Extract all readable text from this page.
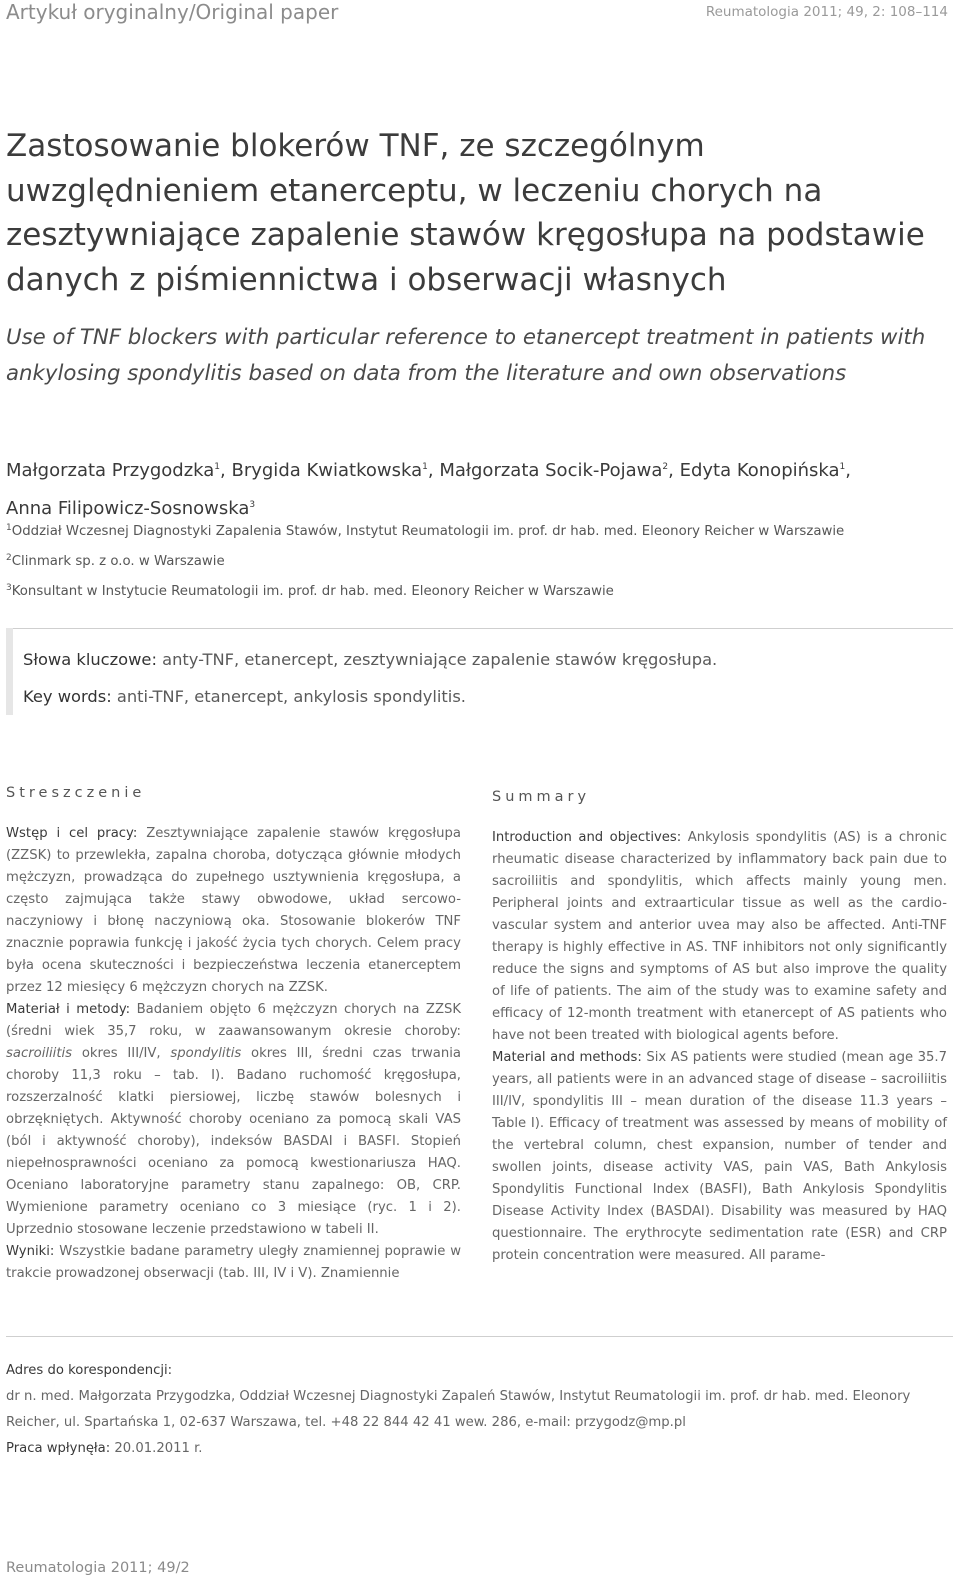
Artykuł oryginalny/Original paper	Reumatologia 2011; 49, 2: 108–114
Zastosowanie blokerów TNF, ze szczególnym uwzględnieniem etanerceptu, w leczeniu chorych na zesztywniające zapalenie stawów kręgosłupa na podstawie danych z piśmiennictwa i obserwacji własnych
Use of TNF blockers with particular reference to etanercept treatment in patients with ankylosing spondylitis based on data from the literature and own observations
Małgorzata Przygodzka$^1$, Brygida Kwiatkowska$^1$, Małgorzata Socik-Pojawa$^2$, Edyta Konopińska$^1$,
Anna Filipowicz-Sosnowska$^3$
$^1$Oddział Wczesnej Diagnostyki Zapalenia Stawów, Instytut Reumatologii im. prof. dr hab. med. Eleonory Reicher w Warszawie
$^2$Clinmark sp. z o.o. w Warszawie
$^3$Konsultant w Instytucie Reumatologii im. prof. dr hab. med. Eleonory Reicher w Warszawie
Słowa kluczowe: anty-TNF, etanercept, zesztywniające zapalenie stawów kręgosłupa.
Key words: anti-TNF, etanercept, ankylosis spondylitis.
Streszczenie
Wstęp i cel pracy: Zesztywniające zapalenie stawów kręgosłupa (ZZSK) to przewlekła, zapalna choroba, dotycząca głównie młodych mężczyzn, prowadząca do zupełnego usztywnienia kręgosłupa, a często zajmująca także stawy obwodowe, układ sercowo-naczyniowy i błonę naczyniową oka. Stosowanie blokerów TNF znacznie poprawia funkcję i jakość życia tych chorych. Celem pracy była ocena skuteczności i bezpieczeństwa leczenia etanerceptem przez 12 miesięcy 6 mężczyzn chorych na ZZSK.
Materiał i metody: Badaniem objęto 6 mężczyzn chorych na ZZSK (średni wiek 35,7 roku, w zaawansowanym okresie choroby: sacroiliitis okres III/IV, spondylitis okres III, średni czas trwania choroby 11,3 roku – tab. I). Badano ruchomość kręgosłupa, rozszerzalność klatki piersiowej, liczbę stawów bolesnych i obrzękniętych. Aktywność choroby oceniano za pomocą skali VAS (ból i aktywność choroby), indeksów BASDAI i BASFI. Stopień niepełnosprawności oceniano za pomocą kwestionariusza HAQ. Oceniano laboratoryjne parametry stanu zapalnego: OB, CRP. Wymienione parametry oceniano co 3 miesiące (ryc. 1 i 2). Uprzednio stosowane leczenie przedstawiono w tabeli II.
Wyniki: Wszystkie badane parametry uległy znamiennej poprawie w trakcie prowadzonej obserwacji (tab. III, IV i V). Znamiennie
Summary
Introduction and objectives: Ankylosis spondylitis (AS) is a chronic rheumatic disease characterized by inflammatory back pain due to sacroiliitis and spondylitis, which affects mainly young men. Peripheral joints and extraarticular tissue as well as the cardio-vascular system and anterior uvea may also be affected. Anti-TNF therapy is highly effective in AS. TNF inhibitors not only significantly reduce the signs and symptoms of AS but also improve the quality of life of patients. The aim of the study was to examine safety and efficacy of 12-month treatment with etanercept of AS patients who have not been treated with biological agents before.
Material and methods: Six AS patients were studied (mean age 35.7 years, all patients were in an advanced stage of disease – sacroiliitis III/IV, spondylitis III – mean duration of the disease 11.3 years – Table I). Efficacy of treatment was assessed by means of mobility of the vertebral column, chest expansion, number of tender and swollen joints, disease activity VAS, pain VAS, Bath Ankylosis Spondylitis Functional Index (BASFI), Bath Ankylosis Spondylitis Disease Activity Index (BASDAI). Disability was measured by HAQ questionnaire. The erythrocyte sedimentation rate (ESR) and CRP protein concentration were measured. All parame-
Adres do korespondencji:
dr n. med. Małgorzata Przygodzka, Oddział Wczesnej Diagnostyki Zapaleń Stawów, Instytut Reumatologii im. prof. dr hab. med. Eleonory Reicher, ul. Spartańska 1, 02-637 Warszawa, tel. +48 22 844 42 41 wew. 286, e-mail: przygodz@mp.pl
Praca wpłynęła: 20.01.2011 r.
Reumatologia 2011; 49/2
